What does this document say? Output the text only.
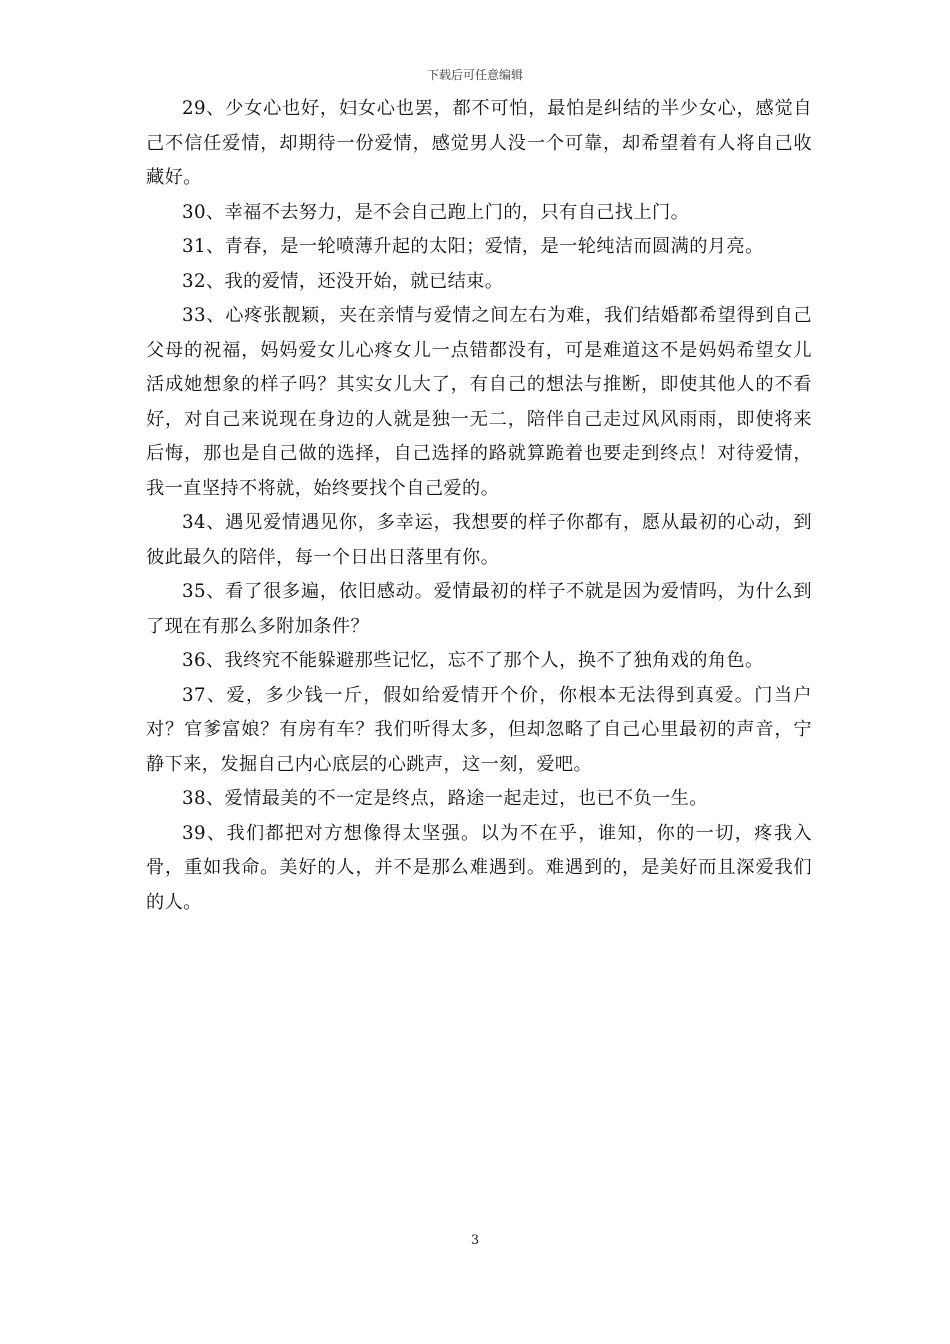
下载后可任意编辑

29、少女心也好，妇女心也罢，都不可怕，最怕是纠结的半少女心，感觉自己不信任爱情，却期待一份爱情，感觉男人没一个可靠，却希望着有人将自己收藏好。

30、幸福不去努力，是不会自己跑上门的，只有自己找上门。

31、青春，是一轮喷薄升起的太阳；爱情，是一轮纯洁而圆满的月亮。

32、我的爱情，还没开始，就已结束。

33、心疼张靓颖，夹在亲情与爱情之间左右为难，我们结婚都希望得到自己父母的祝福，妈妈爱女儿心疼女儿一点错都没有，可是难道这不是妈妈希望女儿活成她想象的样子吗？其实女儿大了，有自己的想法与推断，即使其他人的不看好，对自己来说现在身边的人就是独一无二，陪伴自己走过风风雨雨，即使将来后悔，那也是自己做的选择，自己选择的路就算跪着也要走到终点！对待爱情，我一直坚持不将就，始终要找个自己爱的。

34、遇见爱情遇见你，多幸运，我想要的样子你都有，愿从最初的心动，到彼此最久的陪伴，每一个日出日落里有你。

35、看了很多遍，依旧感动。爱情最初的样子不就是因为爱情吗，为什么到了现在有那么多附加条件？

36、我终究不能躲避那些记忆，忘不了那个人，换不了独角戏的角色。

37、爱，多少钱一斤，假如给爱情开个价，你根本无法得到真爱。门当户对？官爹富娘？有房有车？我们听得太多，但却忽略了自己心里最初的声音，宁静下来，发掘自己内心底层的心跳声，这一刻，爱吧。

38、爱情最美的不一定是终点，路途一起走过，也已不负一生。

39、我们都把对方想像得太坚强。以为不在乎，谁知，你的一切，疼我入骨，重如我命。美好的人，并不是那么难遇到。难遇到的，是美好而且深爱我们的人。

3
